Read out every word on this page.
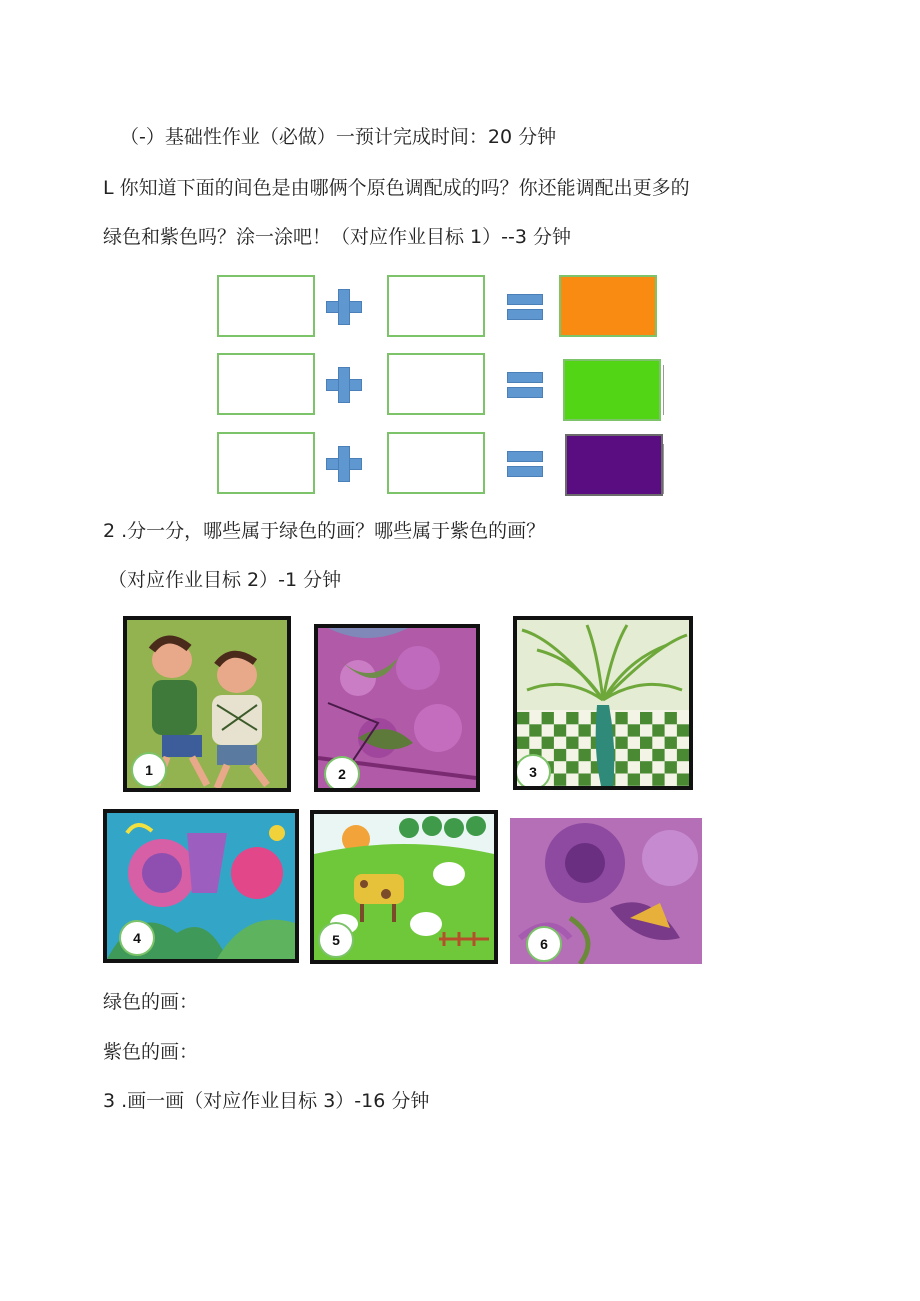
（-）基础性作业（必做）一预计完成时间：20 分钟
L 你知道下面的间色是由哪俩个原色调配成的吗？你还能调配出更多的
绿色和紫色吗？涂一涂吧！（对应作业目标 1）--3 分钟
2 .分一分，哪些属于绿色的画？哪些属于紫色的画？
（对应作业目标 2）-1 分钟
1	2	3
4	5	6
绿色的画：
紫色的画：
3 .画一画（对应作业目标 3）-16 分钟
